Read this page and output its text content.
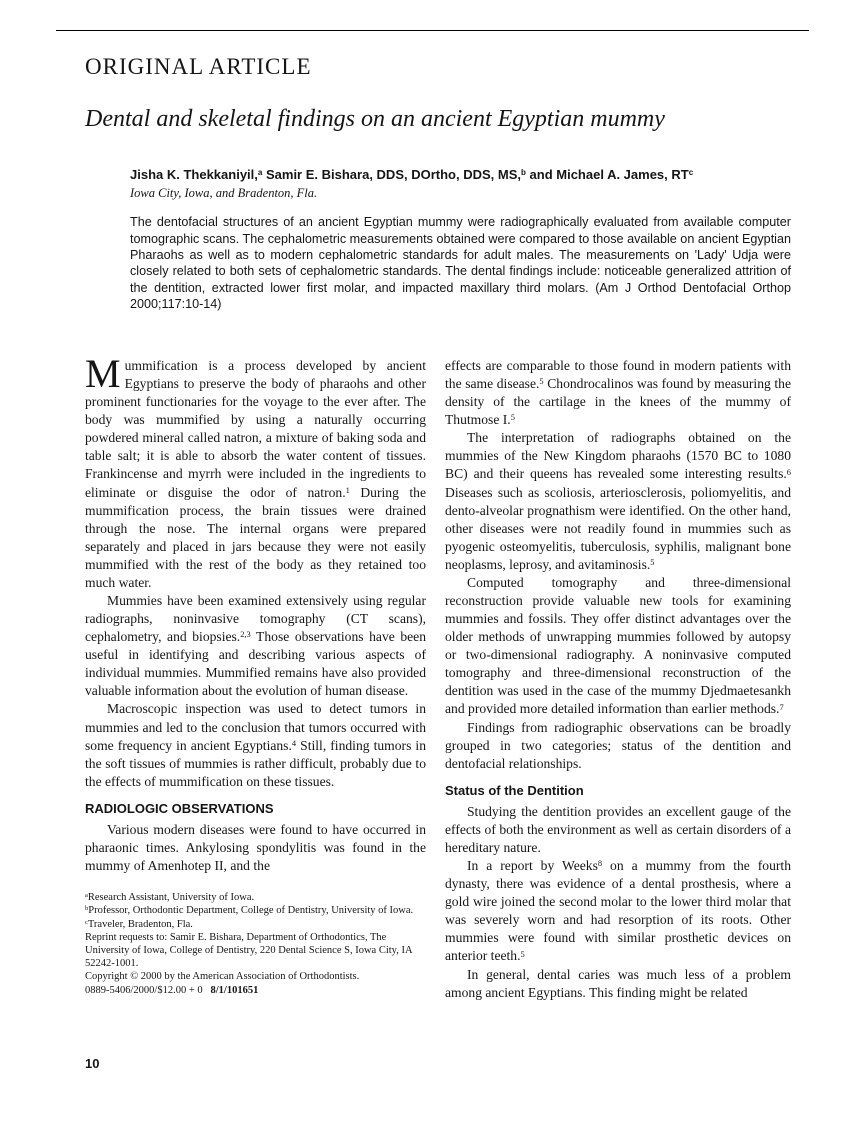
ORIGINAL ARTICLE
Dental and skeletal findings on an ancient Egyptian mummy
Jisha K. Thekkaniyil,$^a$ Samir E. Bishara, DDS, DOrtho, DDS, MS,$^b$ and Michael A. James, $RT^c$
Iowa City, Iowa, and Bradenton, Fla.

The dentofacial structures of an ancient Egyptian mummy were radiographically evaluated from available computer tomographic scans. The cephalometric measurements obtained were compared to those available on ancient Egyptian Pharaohs as well as to modern cephalometric standards for adult males. The measurements on 'Lady' Udja were closely related to both sets of cephalometric standards. The dental findings include: noticeable generalized attrition of the dentition, extracted lower first molar, and impacted maxillary third molars. (Am J Orthod Dentofacial Orthop 2000;117:10-14)

Mummification is a process developed by ancient Egyptians to preserve the body of pharaohs and other prominent functionaries for the voyage to the ever after. The body was mummified by using a naturally occurring powdered mineral called natron, a mixture of baking soda and table salt; it is able to absorb the water content of tissues. Frankincense and myrrh were included in the ingredients to eliminate or disguise the odor of natron.$^1$ During the mummification process, the brain tissues were drained through the nose. The internal organs were prepared separately and placed in jars because they were not easily mummified with the rest of the body as they retained too much water.

Mummies have been examined extensively using regular radiographs, noninvasive tomography (CT scans), cephalometry, and biopsies.$^{2,3}$ Those observations have been useful in identifying and describing various aspects of individual mummies. Mummified remains have also provided valuable information about the evolution of human disease.

Macroscopic inspection was used to detect tumors in mummies and led to the conclusion that tumors occurred with some frequency in ancient Egyptians.$^4$ Still, finding tumors in the soft tissues of mummies is rather difficult, probably due to the effects of mummification on these tissues.

RADIOLOGIC OBSERVATIONS

Various modern diseases were found to have occurred in pharaonic times. Ankylosing spondylitis was found in the mummy of Amenhotep II, and the

$^a$Research Assistant, University of Iowa.

$^b$Professor, Orthodontic Department, College of Dentistry, University of Iowa.

$^c$Traveler, Bradenton, Fla.

Reprint requests to: Samir E. Bishara, Department of Orthodontics, The University of Iowa, College of Dentistry, 220 Dental Science S, Iowa City, IA 52242-1001.

Copyright © 2000 by the American Association of Orthodontists.

0889-5406/2000/$12.00 + 0   8/1/101651

effects are comparable to those found in modern patients with the same disease.$^5$ Chondrocalinos was found by measuring the density of the cartilage in the knees of the mummy of Thutmose I.$^5$

The interpretation of radiographs obtained on the mummies of the New Kingdom pharaohs (1570 BC to 1080 BC) and their queens has revealed some interesting results.$^6$ Diseases such as scoliosis, arteriosclerosis, poliomyelitis, and dento-alveolar prognathism were identified. On the other hand, other diseases were not readily found in mummies such as pyogenic osteomyelitis, tuberculosis, syphilis, malignant bone neoplasms, leprosy, and avitaminosis.$^5$

Computed tomography and three-dimensional reconstruction provide valuable new tools for examining mummies and fossils. They offer distinct advantages over the older methods of unwrapping mummies followed by autopsy or two-dimensional radiography. A noninvasive computed tomography and three-dimensional reconstruction of the dentition was used in the case of the mummy Djedmaetesankh and provided more detailed information than earlier methods.$^7$

Findings from radiographic observations can be broadly grouped in two categories; status of the dentition and dentofacial relationships.

Status of the Dentition

Studying the dentition provides an excellent gauge of the effects of both the environment as well as certain disorders of a hereditary nature.

In a report by Weeks$^8$ on a mummy from the fourth dynasty, there was evidence of a dental prosthesis, where a gold wire joined the second molar to the lower third molar that was severely worn and had resorption of its roots. Other mummies were found with similar prosthetic devices on anterior teeth.$^5$

In general, dental caries was much less of a problem among ancient Egyptians. This finding might be related

10
